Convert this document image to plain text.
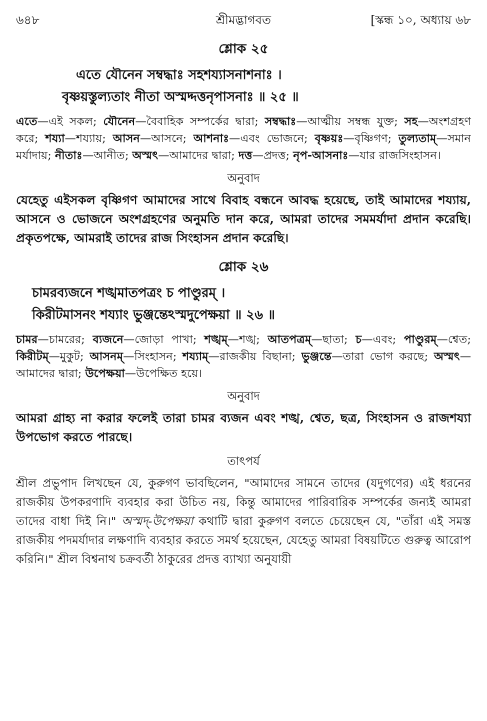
৬৪৮	শ্রীমদ্ভাগবত	[স্কন্ধ ১০, অধ্যায় ৬৮
শ্লোক ২৫
এতে যৌনেন সম্বদ্ধাঃ সহশয্যাসনাশনাঃ ।
বৃষ্ণয়স্তুল্যতাং নীতা অস্মদ্দত্তনৃপাসনাঃ ॥ ২৫ ॥
এতে—এই সকল; যৌনেন—বৈবাহিক সম্পর্কের দ্বারা; সম্বদ্ধাঃ—আত্মীয় সম্বন্ধ যুক্ত; সহ—অংশগ্রহণ করে; শয্যা—শয্যায়; আসন—আসনে; আশনাঃ—এবং ভোজনে; বৃষ্ণয়ঃ—বৃষ্ণিগণ; তুল্যতাম্—সমান মর্যাদায়; নীতাঃ—আনীত; অস্মৎ—আমাদের দ্বারা; দত্ত—প্রদত্ত; নৃপ-আসনাঃ—যার রাজসিংহাসন।
অনুবাদ
যেহেতু এইসকল বৃষ্ণিগণ আমাদের সাথে বিবাহ বন্ধনে আবদ্ধ হয়েছে, তাই আমাদের শয্যায়, আসনে ও ভোজনে অংশগ্রহণের অনুমতি দান করে, আমরা তাদের সমমর্যাদা প্রদান করেছি। প্রকৃতপক্ষে, আমরাই তাদের রাজ সিংহাসন প্রদান করেছি।
শ্লোক ২৬
চামরব্যজনে শঙ্খমাতপত্রং চ পাণ্ডুরম্ ।
কিরীটমাসনং শয্যাং ভুঞ্জন্তেঽস্মদুপেক্ষয়া ॥ ২৬ ॥
চামর—চামরের; ব্যজনে—জোড়া পাখা; শঙ্খম্—শঙ্খ; আতপত্রম্—ছাতা; চ—এবং; পাণ্ডুরম্—শ্বেত; কিরীটম্—মুকুট; আসনম্—সিংহাসন; শয্যাম্—রাজকীয় বিছানা; ভুঞ্জন্তে—তারা ভোগ করছে; অস্মৎ—আমাদের দ্বারা; উপেক্ষয়া—উপেক্ষিত হয়ে।
অনুবাদ
আমরা গ্রাহ্য না করার ফলেই তারা চামর ব্যজন এবং শঙ্খ, শ্বেত, ছত্র, সিংহাসন ও রাজশয্যা উপভোগ করতে পারছে।
তাৎপর্য
শ্রীল প্রভুপাদ লিখছেন যে, কুরুগণ ভাবছিলেন, "আমাদের সামনে তাদের (যদুগণের) এই ধরনের রাজকীয় উপকরণাদি ব্যবহার করা উচিত নয়, কিন্তু আমাদের পারিবারিক সম্পর্কের জন্যই আমরা তাদের বাধা দিই নি।" অস্মদ্-উপেক্ষয়া কথাটি দ্বারা কুরুগণ বলতে চেয়েছেন যে, "তাঁরা এই সমস্ত রাজকীয় পদমর্যাদার লক্ষণাদি ব্যবহার করতে সমর্থ হয়েছেন, যেহেতু আমরা বিষয়টিতে গুরুত্ব আরোপ করিনি।" শ্রীল বিশ্বনাথ চক্রবর্তী ঠাকুরের প্রদত্ত ব্যাখ্যা অনুযায়ী
